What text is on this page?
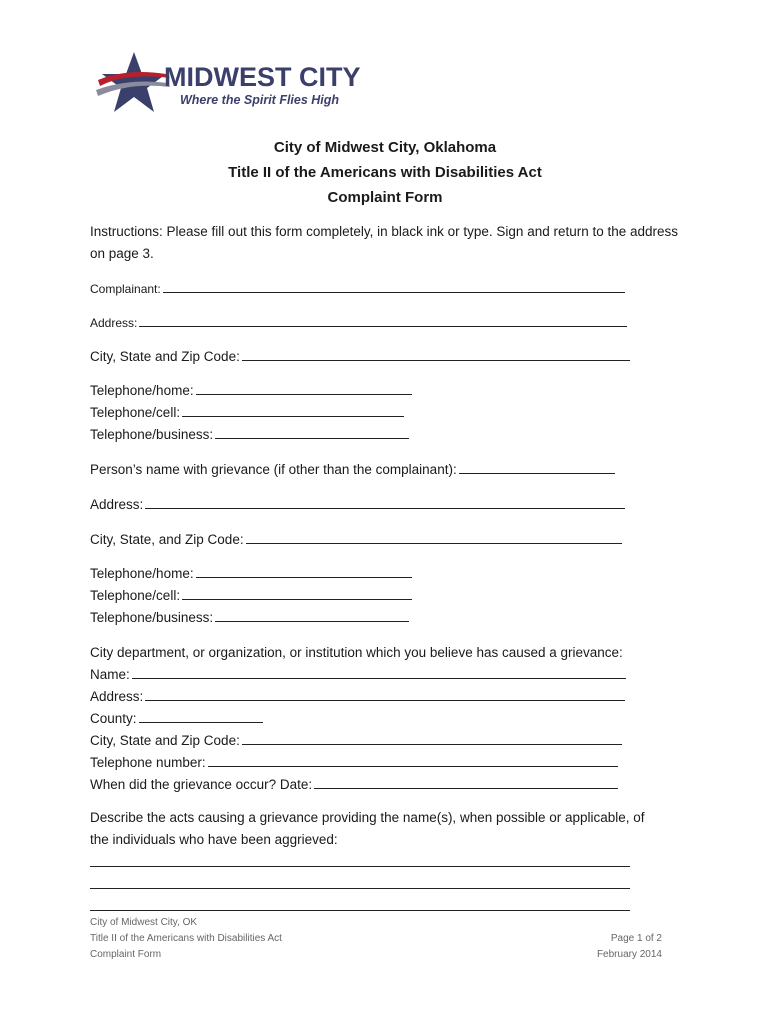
MIDWEST CITY
Where the Spirit Flies High
City of Midwest City, Oklahoma
Title II of the Americans with Disabilities Act
Complaint Form
Instructions: Please fill out this form completely, in black ink or type. Sign and return to the address on page 3.
Complainant:
Address:
City, State and Zip Code:
Telephone/home:
Telephone/cell:
Telephone/business:
Person’s name with grievance (if other than the complainant):
Address:
City, State, and Zip Code:
Telephone/home:
Telephone/cell:
Telephone/business:
City department, or organization, or institution which you believe has caused a grievance:
Name:
Address:
County:
City, State and Zip Code:
Telephone number:
When did the grievance occur? Date:
Describe the acts causing a grievance providing the name(s), when possible or applicable, of
the individuals who have been aggrieved:
City of Midwest City, OK
Title II of the Americans with Disabilities Act
Complaint Form
Page 1 of 2
February 2014
